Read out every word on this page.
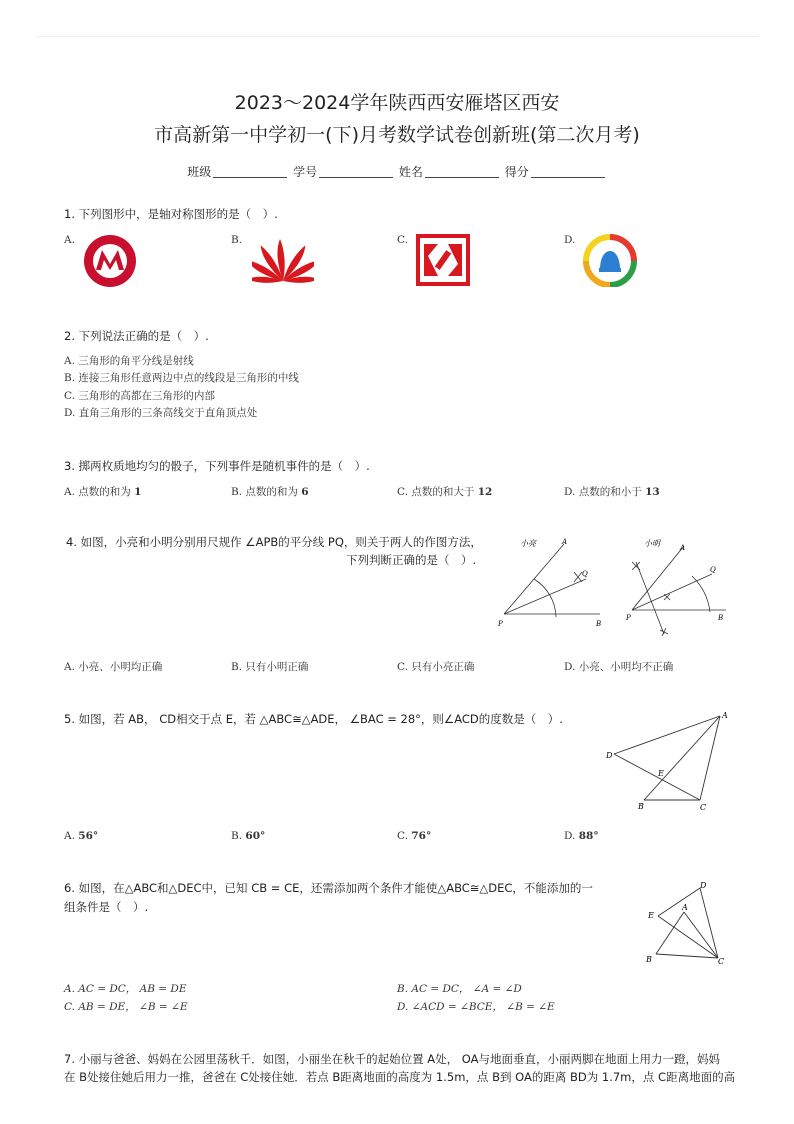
2023～2024学年陕西西安雁塔区西安
市高新第一中学初一(下)月考数学试卷创新班(第二次月考)
班级	学号	姓名	得分
1. 下列图形中，是轴对称图形的是（　）.
A.	B.	C.	D.
2. 下列说法正确的是（　）.
A. 三角形的角平分线是射线
B. 连接三角形任意两边中点的线段是三角形的中线
C. 三角形的高都在三角形的内部
D. 直角三角形的三条高线交于直角顶点处
3. 掷两枚质地均匀的骰子，下列事件是随机事件的是（　）.
A. 点数的和为 1	B. 点数的和为 6	C. 点数的和大于 12	D. 点数的和小于 13
4. 如图，小亮和小明分别用尺规作 ∠APB的平分线 PQ，则关于两人的作图方法，
下列判断正确的是（　）.
小亮	小明
P
A
B
Q
P
A
B
Q
A. 小亮、小明均正确	B. 只有小明正确	C. 只有小亮正确	D. 小亮、小明均不正确
5. 如图，若 AB， CD相交于点 E，若 △ABC≅△ADE， ∠BAC = 28°，则∠ACD的度数是（　）.	A
D
E
B	C
A. 56°	B. 60°	C. 76°	D. 88°
6. 如图，在△ABC和△DEC中，已知 CB = CE，还需添加两个条件才能使△ABC≅△DEC，不能添加的一
组条件是（　）.
D
E
A
B	C
A. AC = DC， AB = DE	B. AC = DC， ∠A = ∠D
C. AB = DE， ∠B = ∠E	D. ∠ACD = ∠BCE， ∠B = ∠E
7. 小丽与爸爸、妈妈在公园里荡秋千．如图，小丽坐在秋千的起始位置 A处， OA与地面垂直，小丽两脚在地面上用力一蹬，妈妈
在 B处接住她后用力一推，爸爸在 C处接住她．若点 B距离地面的高度为 1.5m，点 B到 OA的距离 BD为 1.7m，点 C距离地面的高
